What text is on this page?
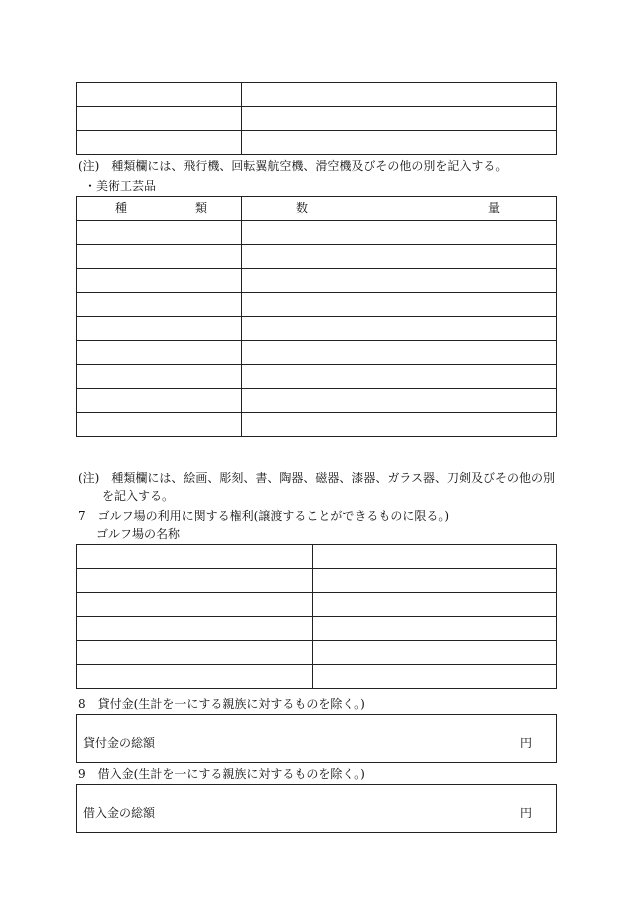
(注)　種類欄には、飛行機、回転翼航空機、滑空機及びその他の別を記入する。
・美術工芸品
種 類	数 量

(注)　種類欄には、絵画、彫刻、書、陶器、磁器、漆器、ガラス器、刀剣及びその他の別
を記入する。
7　ゴルフ場の利用に関する権利(譲渡することができるものに限る。)
ゴルフ場の名称

8　貸付金(生計を一にする親族に対するものを除く。)
貸付金の総額	円
9　借入金(生計を一にする親族に対するものを除く。)
借入金の総額	円
